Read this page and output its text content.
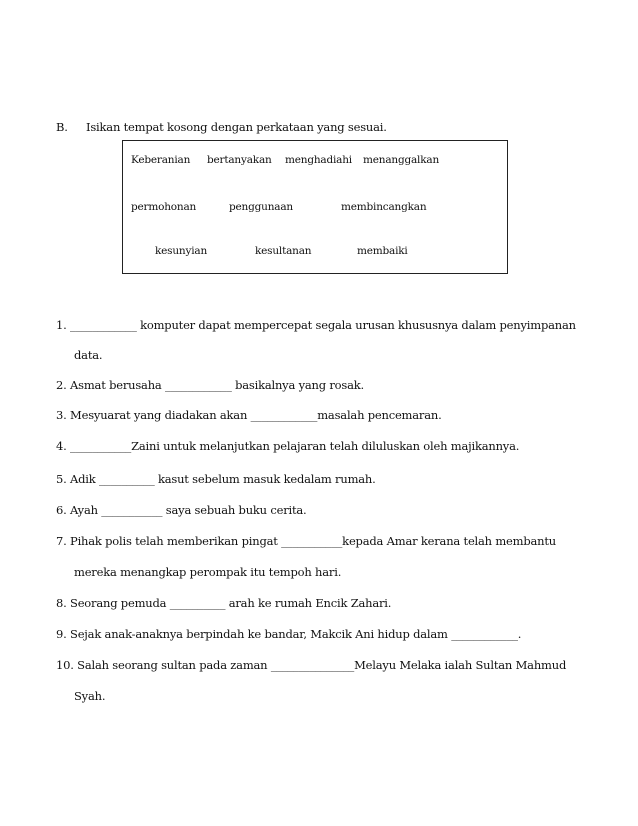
B. Isikan tempat kosong dengan perkataan yang sesuai.
Keberanian bertanyakan menghadiahi menanggalkan
permohonan	penggunaan	membincangkan
kesunyian	kesultanan	membaiki
1. ____________ komputer dapat mempercepat segala urusan khususnya dalam penyimpanan
data.
2. Asmat berusaha ____________ basikalnya yang rosak.
3. Mesyuarat yang diadakan akan ____________masalah pencemaran.
4. ___________Zaini untuk melanjutkan pelajaran telah diluluskan oleh majikannya.
5. Adik __________ kasut sebelum masuk kedalam rumah.
6. Ayah ___________ saya sebuah buku cerita.
7. Pihak polis telah memberikan pingat ___________kepada Amar kerana telah membantu
mereka menangkap perompak itu tempoh hari.
8. Seorang pemuda __________ arah ke rumah Encik Zahari.
9. Sejak anak-anaknya berpindah ke bandar, Makcik Ani hidup dalam ____________.
10. Salah seorang sultan pada zaman _______________Melayu Melaka ialah Sultan Mahmud
Syah.
